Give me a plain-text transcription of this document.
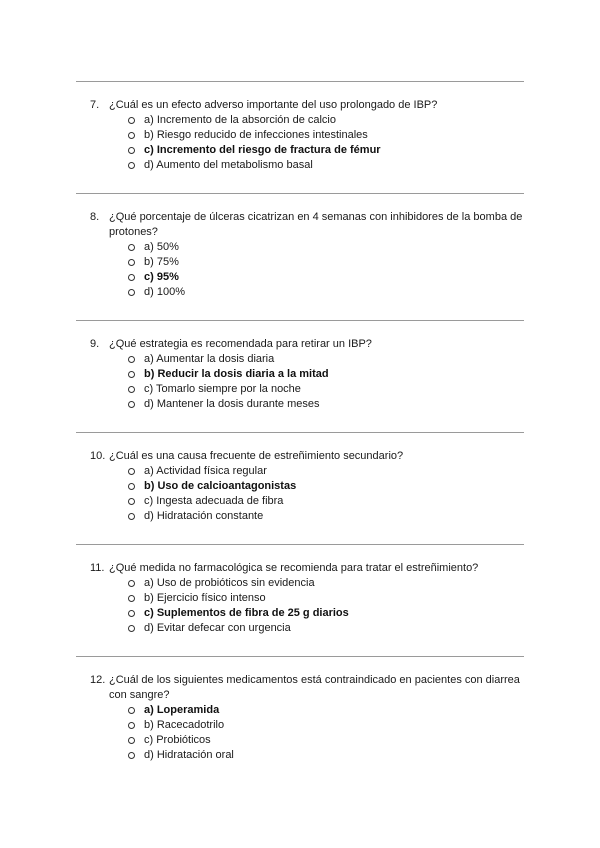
7. ¿Cuál es un efecto adverso importante del uso prolongado de IBP?
a) Incremento de la absorción de calcio
b) Riesgo reducido de infecciones intestinales
c) Incremento del riesgo de fractura de fémur
d) Aumento del metabolismo basal
8. ¿Qué porcentaje de úlceras cicatrizan en 4 semanas con inhibidores de la bomba de protones?
a) 50%
b) 75%
c) 95%
d) 100%
9. ¿Qué estrategia es recomendada para retirar un IBP?
a) Aumentar la dosis diaria
b) Reducir la dosis diaria a la mitad
c) Tomarlo siempre por la noche
d) Mantener la dosis durante meses
10. ¿Cuál es una causa frecuente de estreñimiento secundario?
a) Actividad física regular
b) Uso de calcioantagonistas
c) Ingesta adecuada de fibra
d) Hidratación constante
11. ¿Qué medida no farmacológica se recomienda para tratar el estreñimiento?
a) Uso de probióticos sin evidencia
b) Ejercicio físico intenso
c) Suplementos de fibra de 25 g diarios
d) Evitar defecar con urgencia
12. ¿Cuál de los siguientes medicamentos está contraindicado en pacientes con diarrea con sangre?
a) Loperamida
b) Racecadotrilo
c) Probióticos
d) Hidratación oral
